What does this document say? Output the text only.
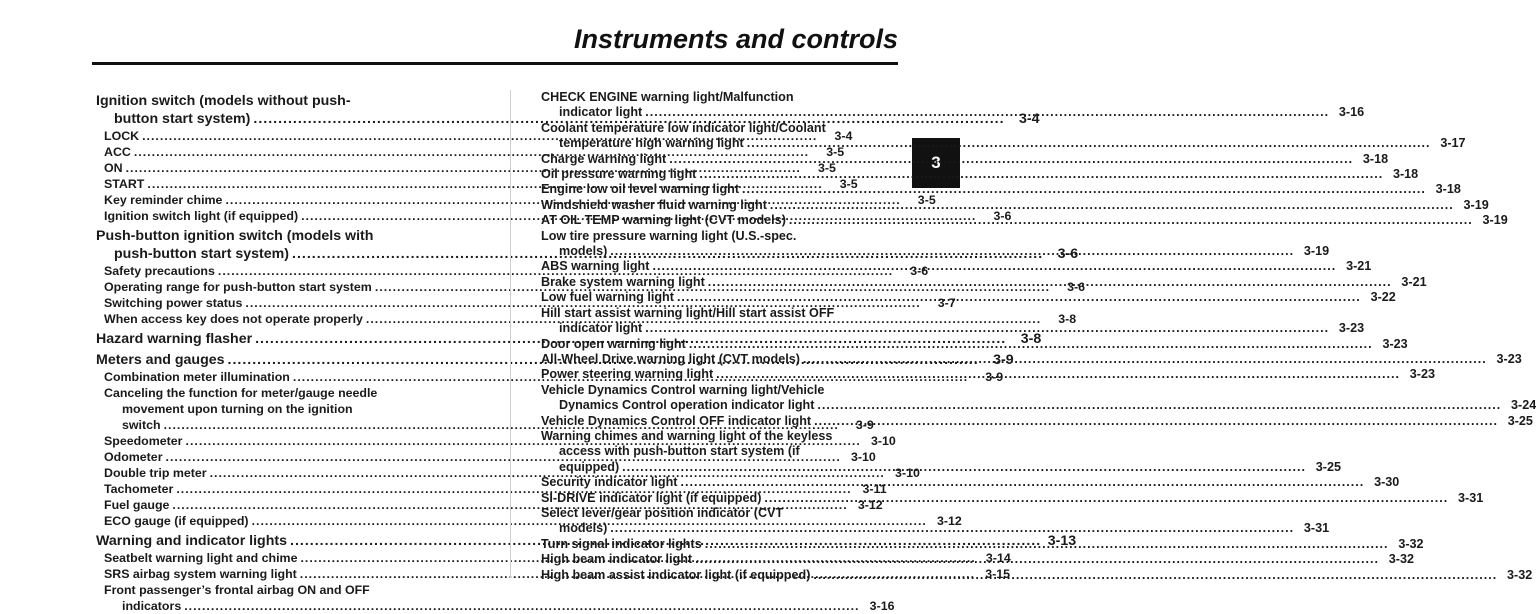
Instruments and controls
3
Ignition switch (models without push-
button start system) .....	3-4
LOCK .....	3-4
ACC .....	3-5
ON .....	3-5
START .....	3-5
Key reminder chime .....	3-5
Ignition switch light (if equipped) .....	3-6
Push-button ignition switch (models with
push-button start system) .....	3-6
Safety precautions .....	3-6
Operating range for push-button start system .....	3-6
Switching power status .....	3-7
When access key does not operate properly .....	3-8
Hazard warning flasher .....	3-8
Meters and gauges .....	3-9
Combination meter illumination .....	3-9
Canceling the function for meter/gauge needle
movement upon turning on the ignition
switch .....	3-9
Speedometer .....	3-10
Odometer .....	3-10
Double trip meter .....	3-10
Tachometer .....	3-11
Fuel gauge .....	3-12
ECO gauge (if equipped) .....	3-12
Warning and indicator lights .....	3-13
Seatbelt warning light and chime .....	3-14
SRS airbag system warning light .....	3-15
Front passenger’s frontal airbag ON and OFF
indicators .....	3-16
CHECK ENGINE warning light/Malfunction
indicator light .....	3-16
Coolant temperature low indicator light/Coolant
temperature high warning light .....	3-17
Charge warning light .....	3-18
Oil pressure warning light .....	3-18
Engine low oil level warning light .....	3-18
Windshield washer fluid warning light .....	3-19
AT OIL TEMP warning light (CVT models) .....	3-19
Low tire pressure warning light (U.S.-spec.
models) .....	3-19
ABS warning light .....	3-21
Brake system warning light .....	3-21
Low fuel warning light .....	3-22
Hill start assist warning light/Hill start assist OFF
indicator light .....	3-23
Door open warning light .....	3-23
All-Wheel Drive warning light (CVT models) .....	3-23
Power steering warning light .....	3-23
Vehicle Dynamics Control warning light/Vehicle
Dynamics Control operation indicator light .....	3-24
Vehicle Dynamics Control OFF indicator light .....	3-25
Warning chimes and warning light of the keyless
access with push-button start system (if
equipped) .....	3-25
Security indicator light .....	3-30
SI-DRIVE indicator light (if equipped) .....	3-31
Select lever/gear position indicator (CVT
models) .....	3-31
Turn signal indicator lights .....	3-32
High beam indicator light .....	3-32
High beam assist indicator light (if equipped) .....	3-32
